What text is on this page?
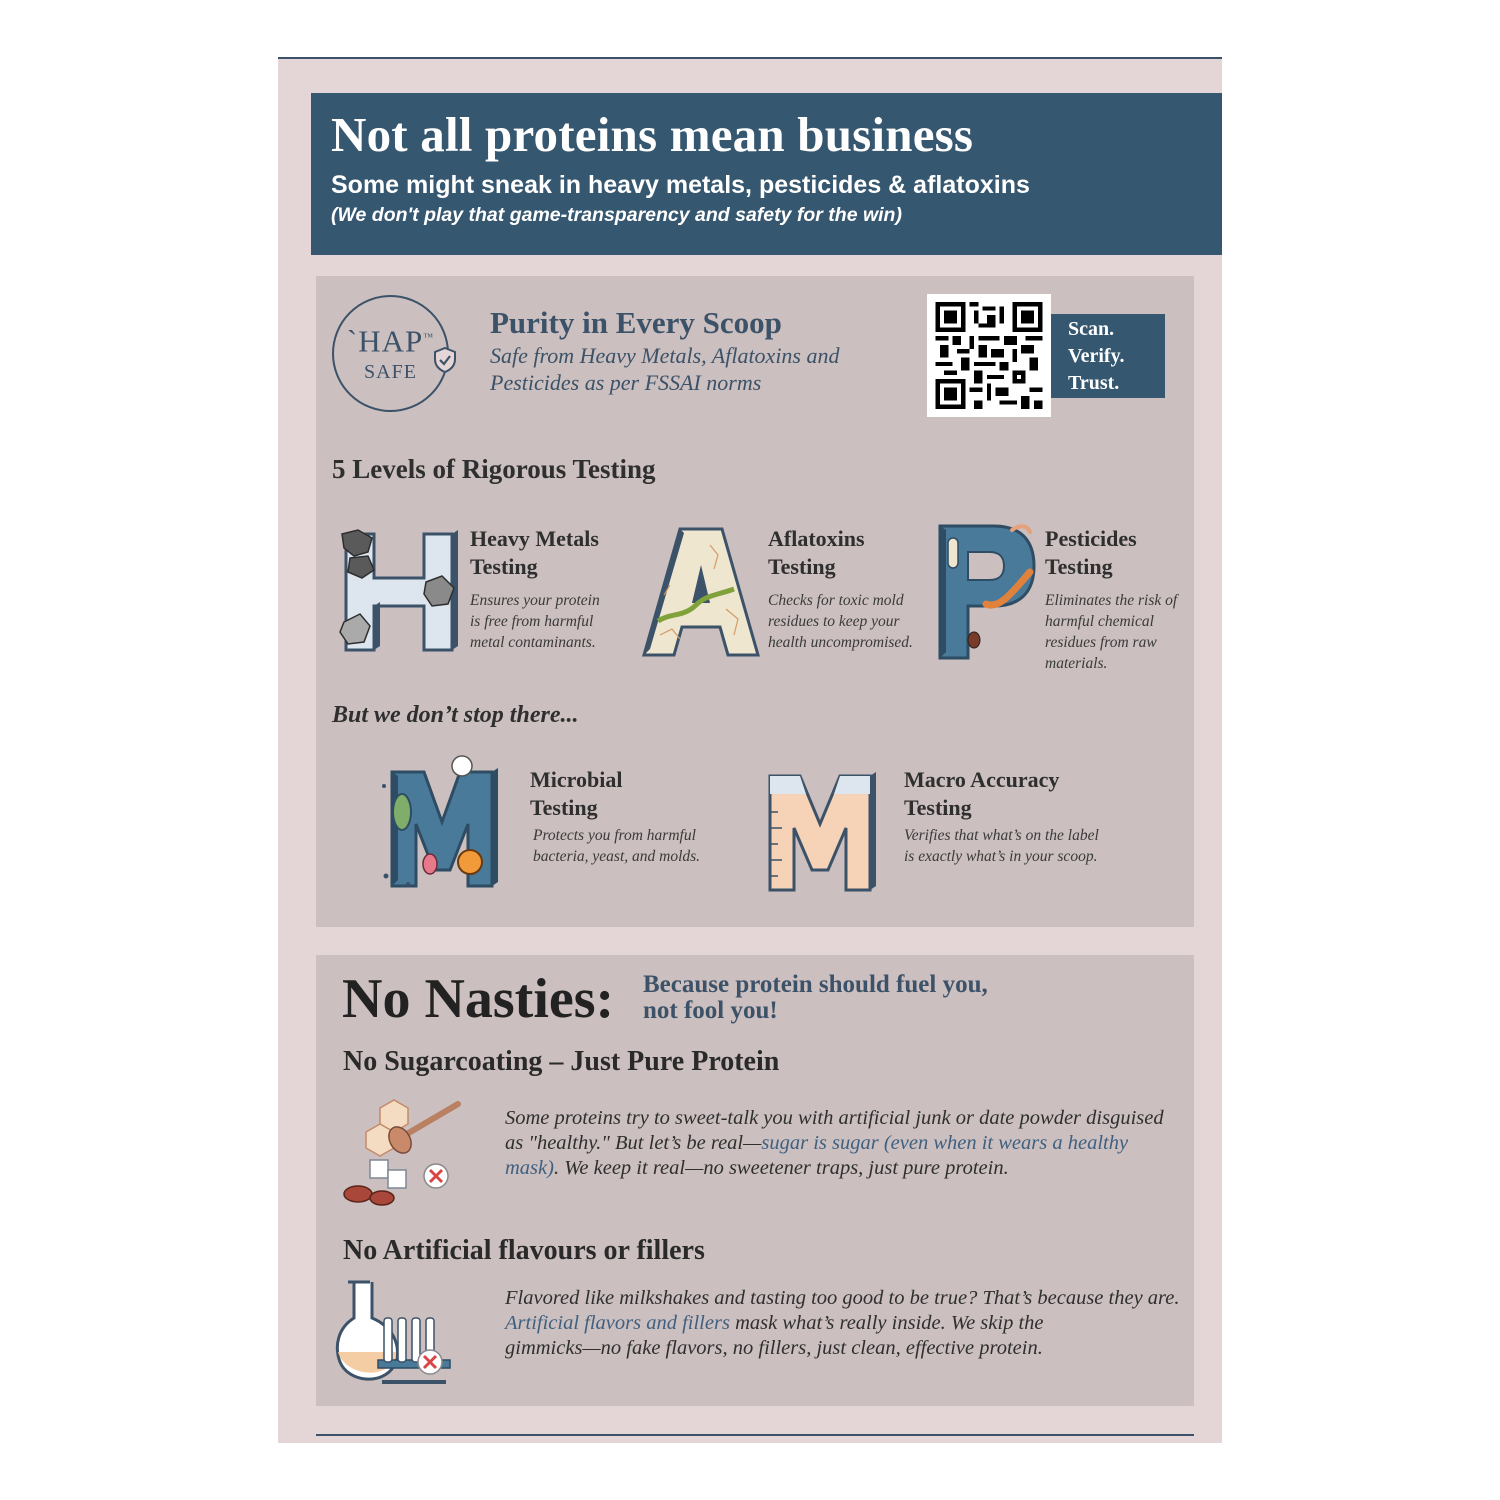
Not all proteins mean business
Some might sneak in heavy metals, pesticides & aflatoxins
(We don't play that game-transparency and safety for the win)
`HAP™
SAFE
Purity in Every Scoop
Safe from Heavy Metals, Aflatoxins and
Pesticides as per FSSAI norms
Scan.
Verify.
Trust.
5 Levels of Rigorous Testing
Heavy Metals
Testing
Ensures your protein
is free from harmful
metal contaminants.
Aflatoxins
Testing
Checks for toxic mold
residues to keep your
health uncompromised.
Pesticides
Testing
Eliminates the risk of
harmful chemical
residues from raw
materials.
But we don’t stop there...
Microbial
Testing
Protects you from harmful
bacteria, yeast, and molds.
Macro Accuracy
Testing
Verifies that what’s on the label
is exactly what’s in your scoop.
No Nasties: Because protein should fuel you,
not fool you!
No Sugarcoating – Just Pure Protein
Some proteins try to sweet-talk you with artificial junk or date powder disguised
as "healthy." But let’s be real—sugar is sugar (even when it wears a healthy
mask). We keep it real—no sweetener traps, just pure protein.
No Artificial flavours or fillers
Flavored like milkshakes and tasting too good to be true? That’s because they are.
Artificial flavors and fillers mask what’s really inside. We skip the
gimmicks—no fake flavors, no fillers, just clean, effective protein.
